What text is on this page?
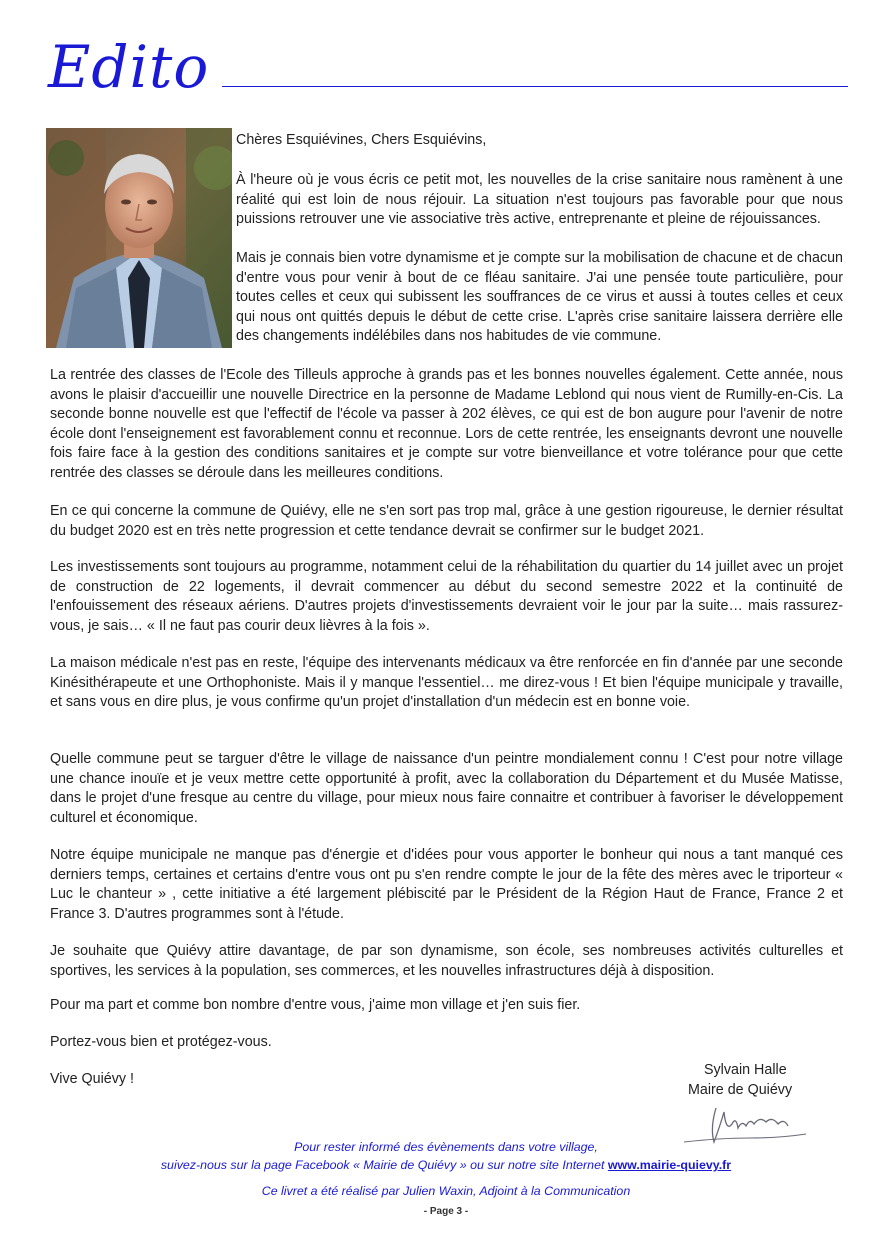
Edito

Chères Esquiévines, Chers Esquiévins,

À l'heure où je vous écris ce petit mot, les nouvelles de la crise sanitaire nous ramènent à une réalité qui est loin de nous réjouir. La situation n'est toujours pas favorable pour que nous puissions retrouver une vie associative très active, entreprenante et pleine de réjouissances.

Mais je connais bien votre dynamisme et je compte sur la mobilisation de chacune et de chacun d'entre vous pour venir à bout de ce fléau sanitaire. J'ai une pensée toute particulière, pour toutes celles et ceux qui subissent les souffrances de ce virus et aussi à toutes celles et ceux qui nous ont quittés depuis le début de cette crise. L'après crise sanitaire laissera derrière elle des changements indélébiles dans nos habitudes de vie commune.

La rentrée des classes de l'Ecole des Tilleuls approche à grands pas et les bonnes nouvelles également. Cette année, nous avons le plaisir d'accueillir une nouvelle Directrice en la personne de Madame Leblond qui nous vient de Rumilly-en-Cis. La seconde bonne nouvelle est que l'effectif de l'école va passer à 202 élèves, ce qui est de bon augure pour l'avenir de notre école dont l'enseignement est favorablement connu et reconnue. Lors de cette rentrée, les enseignants devront une nouvelle fois faire face à la gestion des conditions sanitaires et je compte sur votre bienveillance et votre tolérance pour que cette rentrée des classes se déroule dans les meilleures conditions.

En ce qui concerne la commune de Quiévy, elle ne s'en sort pas trop mal, grâce à une gestion rigoureuse, le dernier résultat du budget 2020 est en très nette progression et cette tendance devrait se confirmer sur le budget 2021.

Les investissements sont toujours au programme, notamment celui de la réhabilitation du quartier du 14 juillet avec un projet de construction de 22 logements, il devrait commencer au début du second semestre 2022 et la continuité de l'enfouissement des réseaux aériens. D'autres projets d'investissements devraient voir le jour par la suite… mais rassurez-vous, je sais… « Il ne faut pas courir deux lièvres à la fois ».

La maison médicale n'est pas en reste, l'équipe des intervenants médicaux va être renforcée en fin d'année par une seconde Kinésithérapeute et une Orthophoniste. Mais il y manque l'essentiel… me direz-vous ! Et bien l'équipe municipale y travaille, et sans vous en dire plus, je vous confirme qu'un projet d'installation d'un médecin est en bonne voie.

Quelle commune peut se targuer d'être le village de naissance d'un peintre mondialement connu ! C'est pour notre village une chance inouïe et je veux mettre cette opportunité à profit, avec la collaboration du Département et du Musée Matisse, dans le projet d'une fresque au centre du village, pour mieux nous faire connaitre et contribuer à favoriser le développement culturel et économique.

Notre équipe municipale ne manque pas d'énergie et d'idées pour vous apporter le bonheur qui nous a tant manqué ces derniers temps, certaines et certains d'entre vous ont pu s'en rendre compte le jour de la fête des mères avec le triporteur « Luc le chanteur » , cette initiative a été largement plébiscité par le Président de la Région Haut de France, France 2 et France 3. D'autres programmes sont à l'étude.

Je souhaite que Quiévy attire davantage, de par son dynamisme, son école, ses nombreuses activités culturelles et sportives, les services à la population, ses commerces, et les nouvelles infrastructures déjà à disposition.

Pour ma part et comme bon nombre d'entre vous, j'aime mon village et j'en suis fier.

Portez-vous bien et protégez-vous.

Vive Quiévy !

Sylvain Halle
Maire de Quiévy
Pour rester informé des évènements dans votre village,
suivez-nous sur la page Facebook « Mairie de Quiévy » ou sur notre site Internet www.mairie-quievy.fr
Ce livret a été réalisé par Julien Waxin, Adjoint à la Communication
- Page 3 -
